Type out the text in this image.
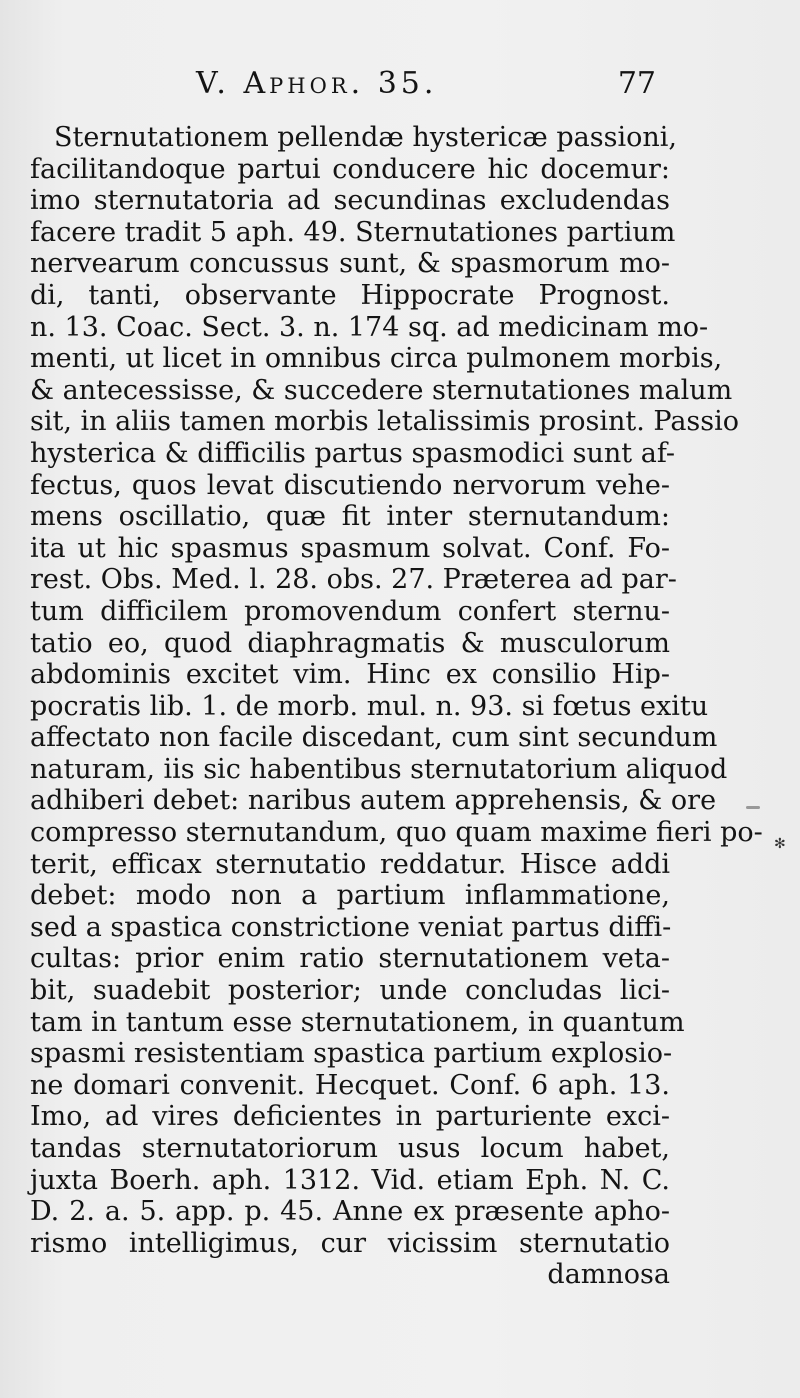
V. Aphor. 35.	77
Sternutationem pellendæ hystericæ passioni,
facilitandoque partui conducere hic docemur:
imo sternutatoria ad secundinas excludendas
facere tradit 5 aph. 49. Sternutationes partium
nervearum concussus sunt, & spasmorum mo-
di, tanti, observante Hippocrate Prognost.
n. 13. Coac. Sect. 3. n. 174 sq. ad medicinam mo-
menti, ut licet in omnibus circa pulmonem morbis,
& antecessisse, & succedere sternutationes malum
sit, in aliis tamen morbis letalissimis prosint. Passio
hysterica & difficilis partus spasmodici sunt af-
fectus, quos levat discutiendo nervorum vehe-
mens oscillatio, quæ fit inter sternutandum:
ita ut hic spasmus spasmum solvat. Conf. Fo-
rest. Obs. Med. l. 28. obs. 27. Præterea ad par-
tum difficilem promovendum confert sternu-
tatio eo, quod diaphragmatis & musculorum
abdominis excitet vim. Hinc ex consilio Hip-
pocratis lib. 1. de morb. mul. n. 93. si fœtus exitu
affectato non facile discedant, cum sint secundum
naturam, iis sic habentibus sternutatorium aliquod
adhiberi debet: naribus autem apprehensis, & ore
compresso sternutandum, quo quam maxime fieri po-
terit, efficax sternutatio reddatur. Hisce addi
debet: modo non a partium inflammatione,
sed a spastica constrictione veniat partus diffi-
cultas: prior enim ratio sternutationem veta-
bit, suadebit posterior; unde concludas lici-
tam in tantum esse sternutationem, in quantum
spasmi resistentiam spastica partium explosio-
ne domari convenit. Hecquet. Conf. 6 aph. 13.
Imo, ad vires deficientes in parturiente exci-
tandas sternutatoriorum usus locum habet,
juxta Boerh. aph. 1312. Vid. etiam Eph. N. C.
D. 2. a. 5. app. p. 45. Anne ex præsente apho-
rismo intelligimus, cur vicissim sternutatio
damnosa
✻
